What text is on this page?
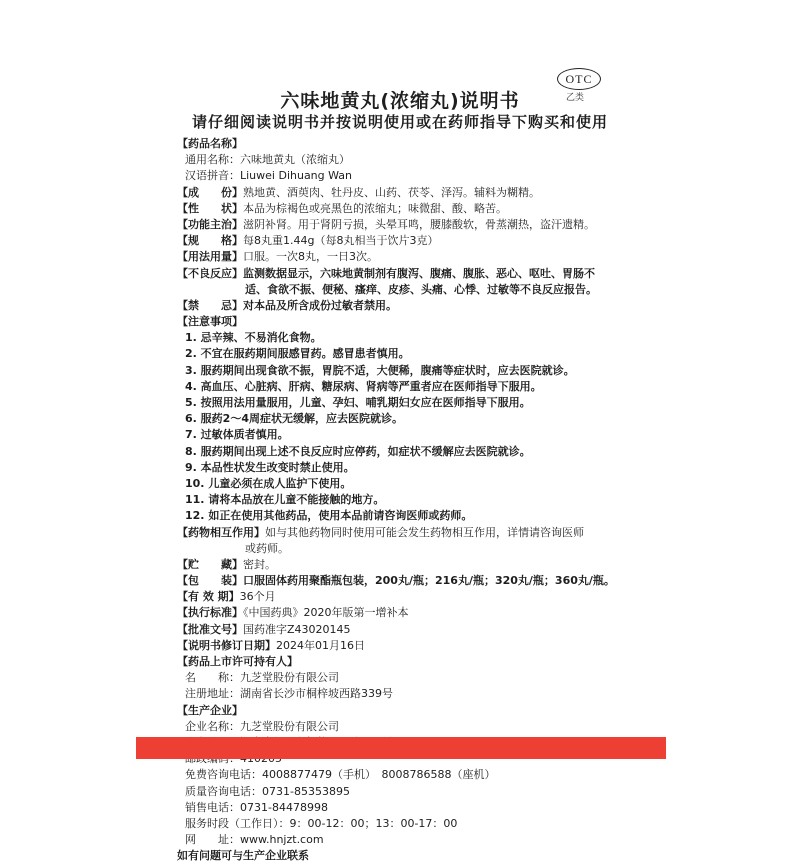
六味地黄丸(浓缩丸)说明书
OTC
乙类
请仔细阅读说明书并按说明使用或在药师指导下购买和使用
【药品名称】
通用名称：六味地黄丸（浓缩丸）
汉语拼音：Liuwei Dihuang Wan
【成　　份】熟地黄、酒萸肉、牡丹皮、山药、茯苓、泽泻。辅料为糊精。
【性　　状】本品为棕褐色或亮黑色的浓缩丸；味微甜、酸、略苦。
【功能主治】滋阴补肾。用于肾阴亏损，头晕耳鸣，腰膝酸软，骨蒸潮热，盗汗遗精。
【规　　格】每8丸重1.44g（每8丸相当于饮片3克）
【用法用量】口服。一次8丸，一日3次。
【不良反应】监测数据显示，六味地黄制剂有腹泻、腹痛、腹胀、恶心、呕吐、胃肠不
适、食欲不振、便秘、瘙痒、皮疹、头痛、心悸、过敏等不良反应报告。
【禁　　忌】对本品及所含成份过敏者禁用。
【注意事项】
1. 忌辛辣、不易消化食物。
2. 不宜在服药期间服感冒药。感冒患者慎用。
3. 服药期间出现食欲不振，胃脘不适，大便稀，腹痛等症状时，应去医院就诊。
4. 高血压、心脏病、肝病、糖尿病、肾病等严重者应在医师指导下服用。
5. 按照用法用量服用，儿童、孕妇、哺乳期妇女应在医师指导下服用。
6. 服药2～4周症状无缓解，应去医院就诊。
7. 过敏体质者慎用。
8. 服药期间出现上述不良反应时应停药，如症状不缓解应去医院就诊。
9. 本品性状发生改变时禁止使用。
10. 儿童必须在成人监护下使用。
11. 请将本品放在儿童不能接触的地方。
12. 如正在使用其他药品，使用本品前请咨询医师或药师。
【药物相互作用】如与其他药物同时使用可能会发生药物相互作用，详情请咨询医师
或药师。
【贮　　藏】密封。
【包　　装】口服固体药用聚酯瓶包装，200丸/瓶；216丸/瓶；320丸/瓶；360丸/瓶。
【有 效 期】36个月
【执行标准】《中国药典》2020年版第一增补本
【批准文号】国药准字Z43020145
【说明书修订日期】2024年01月16日
【药品上市许可持有人】
名　　称：九芝堂股份有限公司
注册地址：湖南省长沙市桐梓坡西路339号
【生产企业】
企业名称：九芝堂股份有限公司
免费咨询电话：4008877479（手机）　8008786588（座机）
质量咨询电话：0731-85353895
销售电话：0731-84478998
服务时段（工作日）：9：00-12：00；13：00-17：00
网　　址：www.hnjzt.com
如有问题可与生产企业联系
